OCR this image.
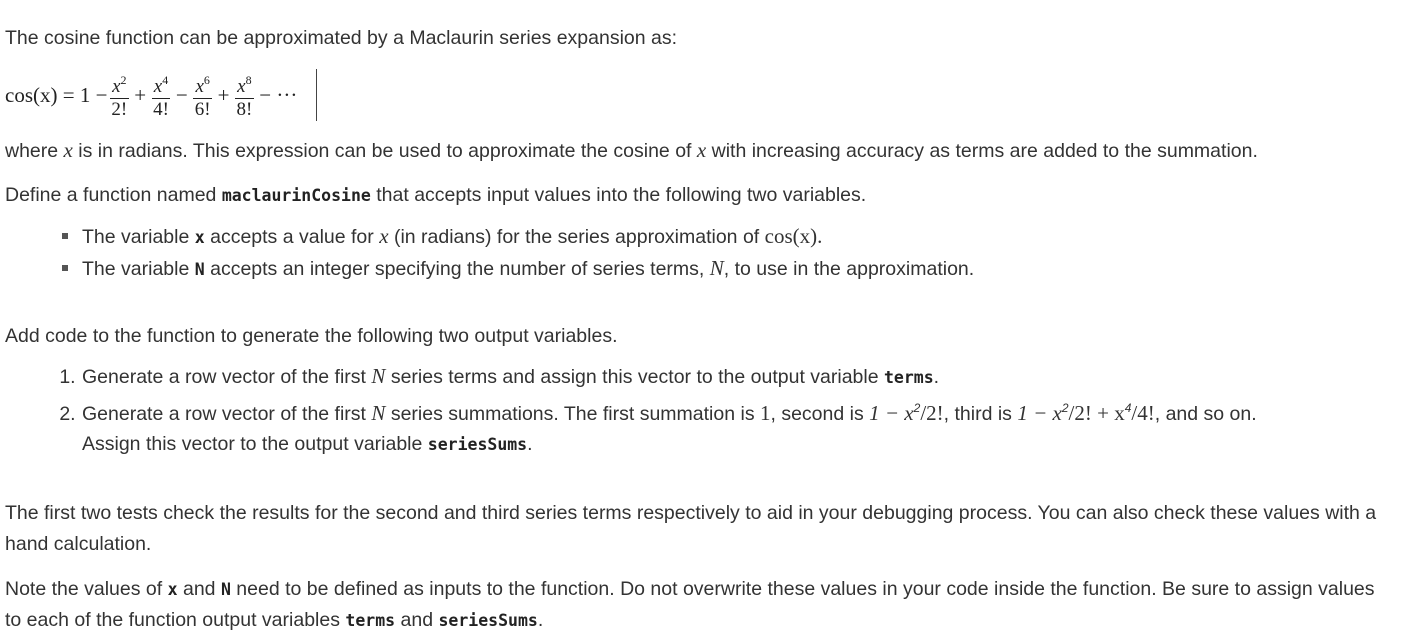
The cosine function can be approximated by a Maclaurin series expansion as:

$\cos(x) = 1 - \frac{x^2}{2!} + \frac{x^4}{4!} - \frac{x^6}{6!} + \frac{x^8}{8!}$ − ···

where x is in radians. This expression can be used to approximate the cosine of x with increasing accuracy as terms are added to the summation.

Define a function named maclaurinCosine that accepts input values into the following two variables.

The variable x accepts a value for x (in radians) for the series approximation of cos(x).
The variable N accepts an integer specifying the number of series terms, N, to use in the approximation.

Add code to the function to generate the following two output variables.

1. Generate a row vector of the first N series terms and assign this vector to the output variable terms.
2. Generate a row vector of the first N series summations. The first summation is 1, second is $1 - x^2/2$!, third is $1 - x^2/2$! + $x^4/4$!, and so on.
Assign this vector to the output variable seriesSums.

The first two tests check the results for the second and third series terms respectively to aid in your debugging process. You can also check these values with a hand calculation.

Note the values of x and N need to be defined as inputs to the function. Do not overwrite these values in your code inside the function. Be sure to assign values to each of the function output variables terms and seriesSums.
